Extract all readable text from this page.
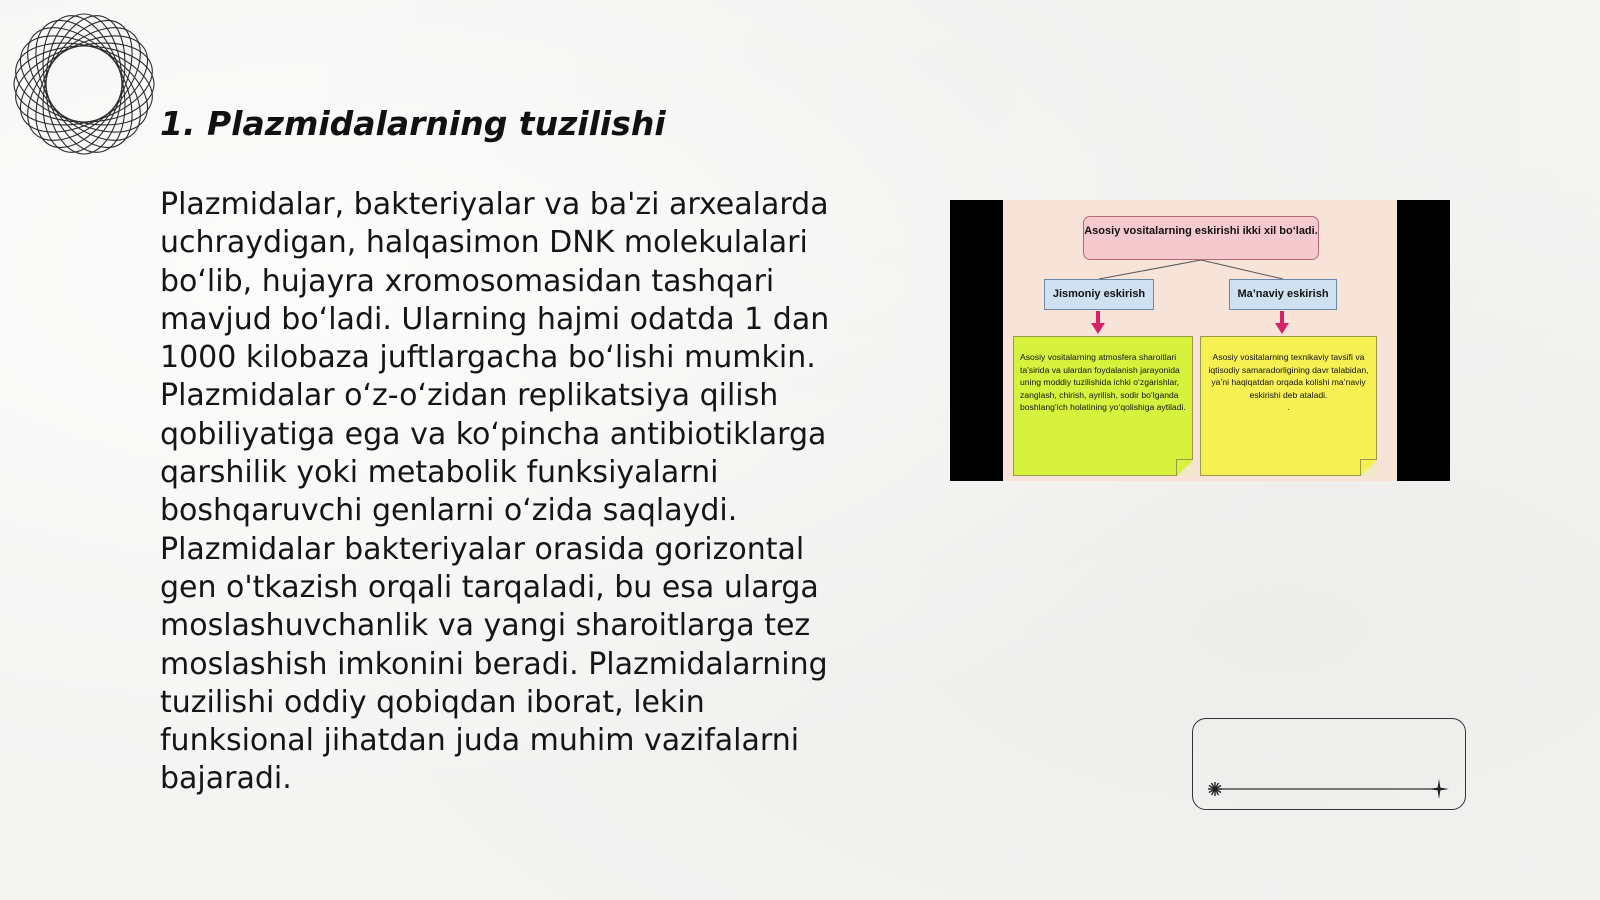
1. Plazmidalarning tuzilishi

Plazmidalar, bakteriyalar va ba'zi arxealarda uchraydigan, halqasimon DNK molekulalari bo‘lib, hujayra xromosomasidan tashqari mavjud bo‘ladi. Ularning hajmi odatda 1 dan 1000 kilobaza juftlargacha bo‘lishi mumkin. Plazmidalar o‘z-o‘zidan replikatsiya qilish qobiliyatiga ega va ko‘pincha antibiotiklarga qarshilik yoki metabolik funksiyalarni boshqaruvchi genlarni o‘zida saqlaydi. Plazmidalar bakteriyalar orasida gorizontal gen o'tkazish orqali tarqaladi, bu esa ularga moslashuvchanlik va yangi sharoitlarga tez moslashish imkonini beradi. Plazmidalarning tuzilishi oddiy qobiqdan iborat, lekin funksional jihatdan juda muhim vazifalarni bajaradi.

Asosiy vositalarning eskirishi ikki xil bo‘ladi.
Jismoniy eskirish	Ma’naviy eskirish
Asosiy vositalarning atmosfera sharoitlari ta'sirida va ulardan foydalanish jarayonida uning moddiy tuzilishida ichki o‘zgarishlar, zanglash, chirish, ayrilish, sodir bo‘lganda boshlang‘ich holatining yo‘qolishiga aytiladi.
Asosiy vositalarning texnikaviy tavsifi va iqtisodiy samaradorligining davr talabidan, ya’ni haqiqatdan orqada kolishi ma’naviy eskirishi deb ataladi.
.
